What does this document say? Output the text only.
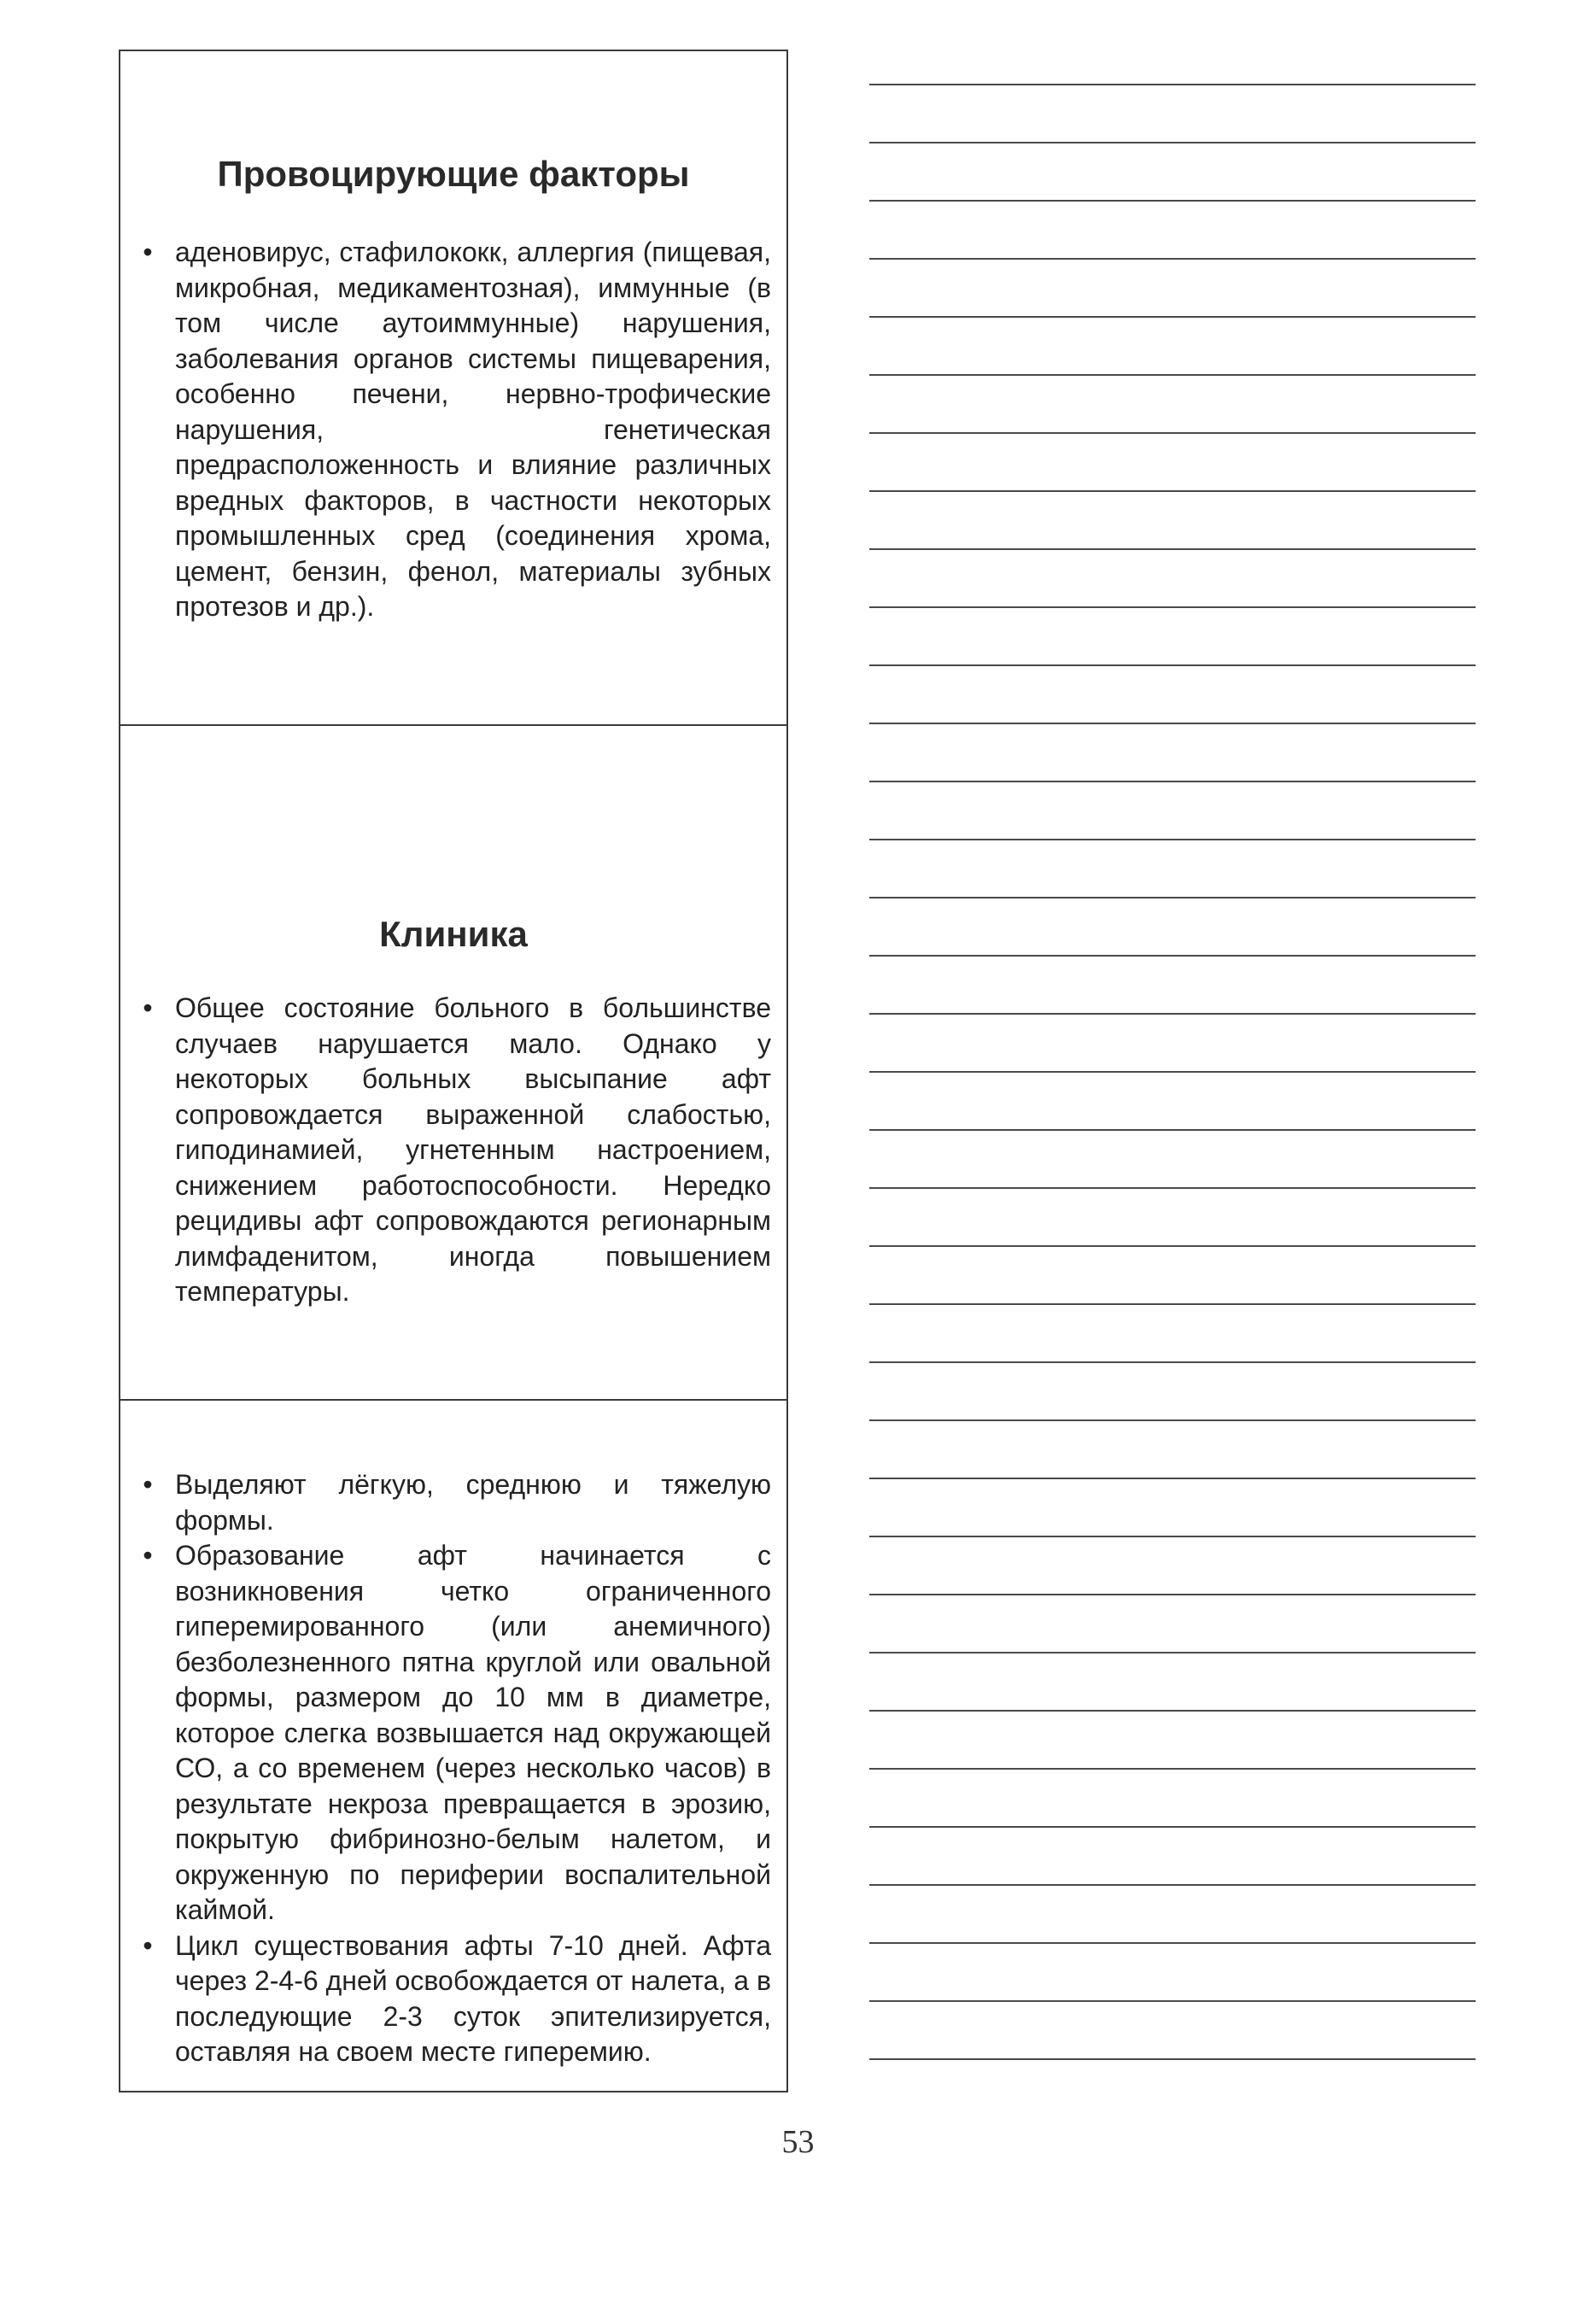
Провоцирующие факторы
• аденовирус, стафилококк, аллергия (пищевая, микробная, медикаментозная), иммунные (в том числе аутоиммунные) нарушения, заболевания органов системы пищеварения, особенно печени, нервно-трофические нарушения, генетическая предрасположенность и влияние различных вредных факторов, в частности некоторых промышленных сред (соединения хрома, цемент, бензин, фенол, материалы зубных протезов и др.).
Клиника
• Общее состояние больного в большинстве случаев нарушается мало. Однако у некоторых больных высыпание афт сопровождается выраженной слабостью, гиподинамией, угнетенным настроением, снижением работоспособности. Нередко рецидивы афт сопровождаются регионарным лимфаденитом, иногда повышением температуры.
• Выделяют лёгкую, среднюю и тяжелую формы.
• Образование афт начинается с возникновения четко ограниченного гиперемированного (или анемичного) безболезненного пятна круглой или овальной формы, размером до 10 мм в диаметре, которое слегка возвышается над окружающей СО, а со временем (через несколько часов) в результате некроза превращается в эрозию, покрытую фибринозно-белым налетом, и окруженную по периферии воспалительной каймой.
• Цикл существования афты 7-10 дней. Афта через 2-4-6 дней освобождается от налета, а в последующие 2-3 суток эпителизируется, оставляя на своем месте гиперемию.
53
